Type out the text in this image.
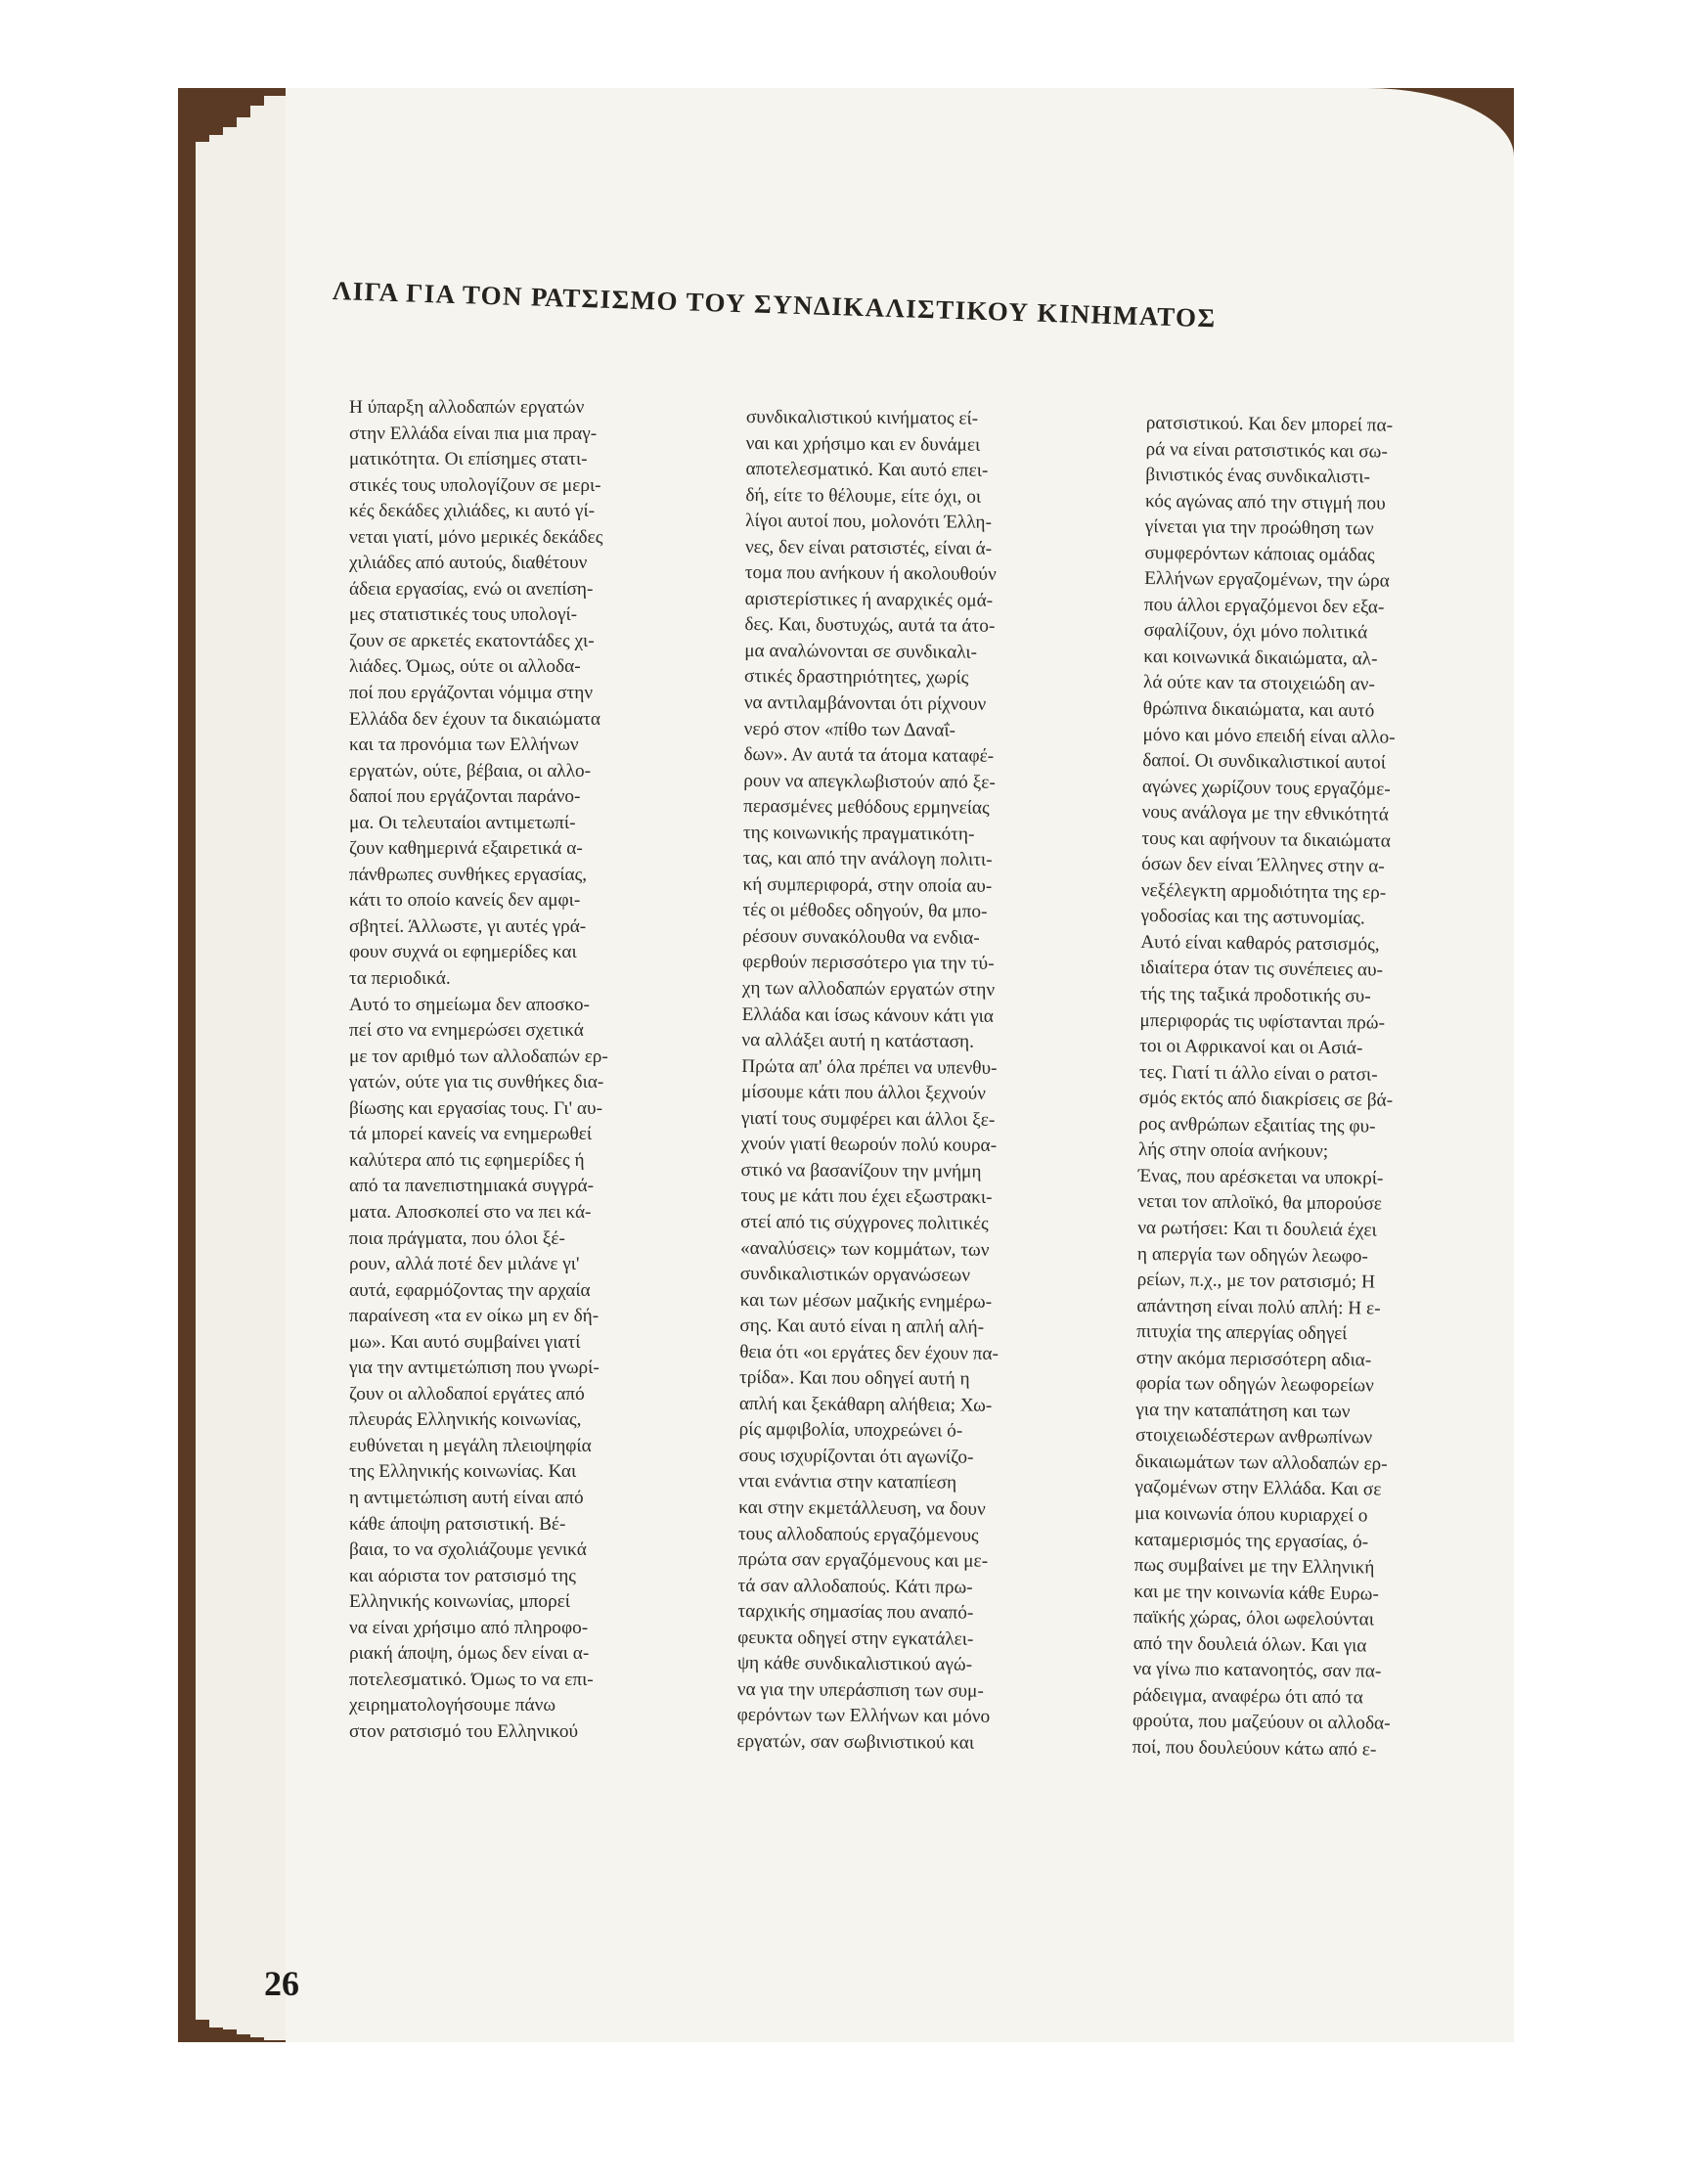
ΛΙΓΑ ΓΙΑ ΤΟΝ ΡΑΤΣΙΣΜΟ ΤΟΥ ΣΥΝΔΙΚΑΛΙΣΤΙΚΟΥ ΚΙΝΗΜΑΤΟΣ

Η ύπαρξη αλλοδαπών εργατών
στην Ελλάδα είναι πια μια πραγ-
ματικότητα. Οι επίσημες στατι-
στικές τους υπολογίζουν σε μερι-
κές δεκάδες χιλιάδες, κι αυτό γί-
νεται γιατί, μόνο μερικές δεκάδες
χιλιάδες από αυτούς, διαθέτουν
άδεια εργασίας, ενώ οι ανεπίση-
μες στατιστικές τους υπολογί-
ζουν σε αρκετές εκατοντάδες χι-
λιάδες. Όμως, ούτε οι αλλοδα-
ποί που εργάζονται νόμιμα στην
Ελλάδα δεν έχουν τα δικαιώματα
και τα προνόμια των Ελλήνων
εργατών, ούτε, βέβαια, οι αλλο-
δαποί που εργάζονται παράνο-
μα. Οι τελευταίοι αντιμετωπί-
ζουν καθημερινά εξαιρετικά α-
πάνθρωπες συνθήκες εργασίας,
κάτι το οποίο κανείς δεν αμφι-
σβητεί. Άλλωστε, γι αυτές γρά-
φουν συχνά οι εφημερίδες και
τα περιοδικά.
Αυτό το σημείωμα δεν αποσκο-
πεί στο να ενημερώσει σχετικά
με τον αριθμό των αλλοδαπών ερ-
γατών, ούτε για τις συνθήκες δια-
βίωσης και εργασίας τους. Γι' αυ-
τά μπορεί κανείς να ενημερωθεί
καλύτερα από τις εφημερίδες ή
από τα πανεπιστημιακά συγγρά-
ματα. Αποσκοπεί στο να πει κά-
ποια πράγματα, που όλοι ξέ-
ρουν, αλλά ποτέ δεν μιλάνε γι'
αυτά, εφαρμόζοντας την αρχαία
παραίνεση «τα εν οίκω μη εν δή-
μω». Και αυτό συμβαίνει γιατί
για την αντιμετώπιση που γνωρί-
ζουν οι αλλοδαποί εργάτες από
πλευράς Ελληνικής κοινωνίας,
ευθύνεται η μεγάλη πλειοψηφία
της Ελληνικής κοινωνίας. Και
η αντιμετώπιση αυτή είναι από
κάθε άποψη ρατσιστική. Βέ-
βαια, το να σχολιάζουμε γενικά
και αόριστα τον ρατσισμό της
Ελληνικής κοινωνίας, μπορεί
να είναι χρήσιμο από πληροφο-
ριακή άποψη, όμως δεν είναι α-
ποτελεσματικό. Όμως το να επι-
χειρηματολογήσουμε πάνω
στον ρατσισμό του Ελληνικού

συνδικαλιστικού κινήματος εί-
ναι και χρήσιμο και εν δυνάμει
αποτελεσματικό. Και αυτό επει-
δή, είτε το θέλουμε, είτε όχι, οι
λίγοι αυτοί που, μολονότι Έλλη-
νες, δεν είναι ρατσιστές, είναι ά-
τομα που ανήκουν ή ακολουθούν
αριστερίστικες ή αναρχικές ομά-
δες. Και, δυστυχώς, αυτά τα άτο-
μα αναλώνονται σε συνδικαλι-
στικές δραστηριότητες, χωρίς
να αντιλαμβάνονται ότι ρίχνουν
νερό στον «πίθο των Δαναΐ-
δων». Αν αυτά τα άτομα καταφέ-
ρουν να απεγκλωβιστούν από ξε-
περασμένες μεθόδους ερμηνείας
της κοινωνικής πραγματικότη-
τας, και από την ανάλογη πολιτι-
κή συμπεριφορά, στην οποία αυ-
τές οι μέθοδες οδηγούν, θα μπο-
ρέσουν συνακόλουθα να ενδια-
φερθούν περισσότερο για την τύ-
χη των αλλοδαπών εργατών στην
Ελλάδα και ίσως κάνουν κάτι για
να αλλάξει αυτή η κατάσταση.
Πρώτα απ' όλα πρέπει να υπενθυ-
μίσουμε κάτι που άλλοι ξεχνούν
γιατί τους συμφέρει και άλλοι ξε-
χνούν γιατί θεωρούν πολύ κουρα-
στικό να βασανίζουν την μνήμη
τους με κάτι που έχει εξωστρακι-
στεί από τις σύχγρονες πολιτικές
«αναλύσεις» των κομμάτων, των
συνδικαλιστικών οργανώσεων
και των μέσων μαζικής ενημέρω-
σης. Και αυτό είναι η απλή αλή-
θεια ότι «οι εργάτες δεν έχουν πα-
τρίδα». Και που οδηγεί αυτή η
απλή και ξεκάθαρη αλήθεια; Χω-
ρίς αμφιβολία, υποχρεώνει ό-
σους ισχυρίζονται ότι αγωνίζο-
νται ενάντια στην καταπίεση
και στην εκμετάλλευση, να δουν
τους αλλοδαπούς εργαζόμενους
πρώτα σαν εργαζόμενους και με-
τά σαν αλλοδαπούς. Κάτι πρω-
ταρχικής σημασίας που αναπό-
φευκτα οδηγεί στην εγκατάλει-
ψη κάθε συνδικαλιστικού αγώ-
να για την υπεράσπιση των συμ-
φερόντων των Ελλήνων και μόνο
εργατών, σαν σωβινιστικού και

ρατσιστικού. Και δεν μπορεί πα-
ρά να είναι ρατσιστικός και σω-
βινιστικός ένας συνδικαλιστι-
κός αγώνας από την στιγμή που
γίνεται για την προώθηση των
συμφερόντων κάποιας ομάδας
Ελλήνων εργαζομένων, την ώρα
που άλλοι εργαζόμενοι δεν εξα-
σφαλίζουν, όχι μόνο πολιτικά
και κοινωνικά δικαιώματα, αλ-
λά ούτε καν τα στοιχειώδη αν-
θρώπινα δικαιώματα, και αυτό
μόνο και μόνο επειδή είναι αλλο-
δαποί. Οι συνδικαλιστικοί αυτοί
αγώνες χωρίζουν τους εργαζόμε-
νους ανάλογα με την εθνικότητά
τους και αφήνουν τα δικαιώματα
όσων δεν είναι Έλληνες στην α-
νεξέλεγκτη αρμοδιότητα της ερ-
γοδοσίας και της αστυνομίας.
Αυτό είναι καθαρός ρατσισμός,
ιδιαίτερα όταν τις συνέπειες αυ-
τής της ταξικά προδοτικής συ-
μπεριφοράς τις υφίστανται πρώ-
τοι οι Αφρικανοί και οι Ασιά-
τες. Γιατί τι άλλο είναι ο ρατσι-
σμός εκτός από διακρίσεις σε βά-
ρος ανθρώπων εξαιτίας της φυ-
λής στην οποία ανήκουν;
Ένας, που αρέσκεται να υποκρί-
νεται τον απλοϊκό, θα μπορούσε
να ρωτήσει: Και τι δουλειά έχει
η απεργία των οδηγών λεωφο-
ρείων, π.χ., με τον ρατσισμό; Η
απάντηση είναι πολύ απλή: Η ε-
πιτυχία της απεργίας οδηγεί
στην ακόμα περισσότερη αδια-
φορία των οδηγών λεωφορείων
για την καταπάτηση και των
στοιχειωδέστερων ανθρωπίνων
δικαιωμάτων των αλλοδαπών ερ-
γαζομένων στην Ελλάδα. Και σε
μια κοινωνία όπου κυριαρχεί ο
καταμερισμός της εργασίας, ό-
πως συμβαίνει με την Ελληνική
και με την κοινωνία κάθε Ευρω-
παϊκής χώρας, όλοι ωφελούνται
από την δουλειά όλων. Και για
να γίνω πιο κατανοητός, σαν πα-
ράδειγμα, αναφέρω ότι από τα
φρούτα, που μαζεύουν οι αλλοδα-
ποί, που δουλεύουν κάτω από ε-

26
